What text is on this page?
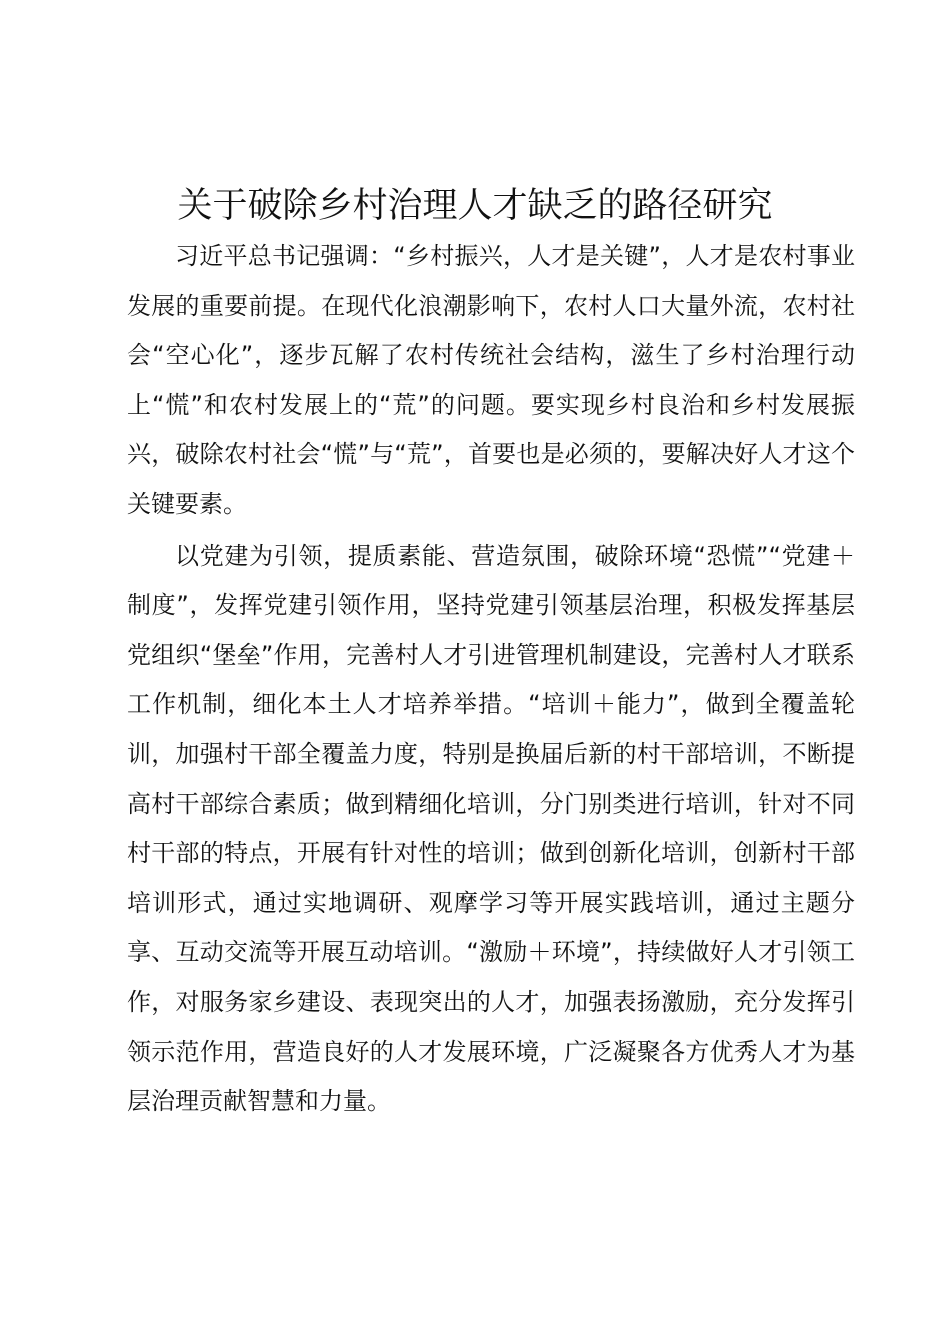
关于破除乡村治理人才缺乏的路径研究

习近平总书记强调：“乡村振兴，人才是关键”，人才是农村事业发展的重要前提。在现代化浪潮影响下，农村人口大量外流，农村社会“空心化”，逐步瓦解了农村传统社会结构，滋生了乡村治理行动上“慌”和农村发展上的“荒”的问题。要实现乡村良治和乡村发展振兴，破除农村社会“慌”与“荒”，首要也是必须的，要解决好人才这个关键要素。

以党建为引领，提质素能、营造氛围，破除环境“恐慌”“党建＋制度”，发挥党建引领作用，坚持党建引领基层治理，积极发挥基层党组织“堡垒”作用，完善村人才引进管理机制建设，完善村人才联系工作机制，细化本土人才培养举措。“培训＋能力”，做到全覆盖轮训，加强村干部全覆盖力度，特别是换届后新的村干部培训，不断提高村干部综合素质；做到精细化培训，分门别类进行培训，针对不同村干部的特点，开展有针对性的培训；做到创新化培训，创新村干部培训形式，通过实地调研、观摩学习等开展实践培训，通过主题分享、互动交流等开展互动培训。“激励＋环境”，持续做好人才引领工作，对服务家乡建设、表现突出的人才，加强表扬激励，充分发挥引领示范作用，营造良好的人才发展环境，广泛凝聚各方优秀人才为基层治理贡献智慧和力量。
